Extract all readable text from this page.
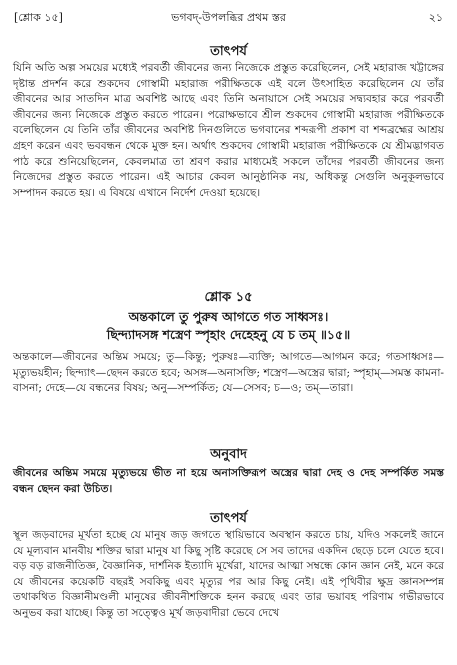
[শ্লোক ১৫]	ভগবদ্-উপলব্ধির প্রথম স্তর	২১
তাৎপর্য
যিনি অতি অল্প সময়ের মধ্যেই পরবর্তী জীবনের জন্য নিজেকে প্রস্তুত করেছিলেন, সেই মহারাজ খট্টাঙ্গের দৃষ্টান্ত প্রদর্শন করে শুকদেব গোস্বামী মহারাজ পরীক্ষিতকে এই বলে উৎসাহিত করেছিলেন যে তাঁর জীবনের আর সাতদিন মাত্র অবশিষ্ট আছে এবং তিনি অনায়াসে সেই সময়ের সদ্ব্যবহার করে পরবর্তী জীবনের জন্য নিজেকে প্রস্তুত করতে পারেন। পরোক্ষভাবে শ্রীল শুকদেব গোস্বামী মহারাজ পরীক্ষিতকে বলেছিলেন যে তিনি তাঁর জীবনের অবশিষ্ট দিনগুলিতে ভগবানের শব্দরূপী প্রকাশ বা শব্দব্রহ্মের আশ্রয় গ্রহণ করেন এবং ভববন্ধন থেকে মুক্ত হন। অর্থাৎ শুকদেব গোস্বামী মহারাজ পরীক্ষিতকে যে শ্রীমদ্ভাগবত পাঠ করে শুনিয়েছিলেন, কেবলমাত্র তা শ্রবণ করার মাধ্যমেই সকলে তাঁদের পরবর্তী জীবনের জন্য নিজেদের প্রস্তুত করতে পারেন। এই আচার কেবল আনুষ্ঠানিক নয়, অধিকন্তু সেগুলি অনুকূলভাবে সম্পাদন করতে হয়। এ বিষয়ে এখানে নির্দেশ দেওয়া হয়েছে।
শ্লোক ১৫
অন্তকালে তু পুরুষ আগতে গত সাধ্বসঃ।
ছিন্দ্যাদসঙ্গ শস্ত্রেণ স্পৃহাং দেহেহনু যে চ তম্ ॥১৫॥
অন্তকালে—জীবনের অন্তিম সময়ে; তু—কিন্তু; পুরুষঃ—ব্যক্তি; আগতে—আগমন করে; গতসাধ্বসঃ—মৃত্যুভয়হীন; ছিন্দ্যাৎ—ছেদন করতে হবে; অসঙ্গ—অনাসক্তি; শস্ত্রেণ—অস্ত্রের দ্বারা; স্পৃহাম্—সমস্ত কামনা-বাসনা; দেহে—যে বন্ধনের বিষয়; অনু—সম্পর্কিত; যে—সেসব; চ—ও; তম্—তারা।
অনুবাদ
জীবনের অন্তিম সময়ে মৃত্যুভয়ে ভীত না হয়ে অনাসক্তিরূপ অস্ত্রের দ্বারা দেহ ও দেহ সম্পর্কিত সমস্ত বন্ধন ছেদন করা উচিত।
তাৎপর্য
স্থূল জড়বাদের মূর্খতা হচ্ছে যে মানুষ জড় জগতে স্থায়িভাবে অবস্থান করতে চায়, যদিও সকলেই জানে যে মূল্যবান মানবীয় শক্তির দ্বারা মানুষ যা কিছু সৃষ্টি করেছে সে সব তাদের একদিন ছেড়ে চলে যেতে হবে। বড় বড় রাজনীতিজ্ঞ, বৈজ্ঞানিক, দার্শনিক ইত্যাদি মূর্খেরা, যাদের আত্মা সম্বন্ধে কোন জ্ঞান নেই, মনে করে যে জীবনের কয়েকটি বছরই সবকিছু এবং মৃত্যুর পর আর কিছু নেই। এই পৃথিবীর ক্ষুদ্র জ্ঞানসম্পন্ন তথাকথিত বিজ্ঞানীমণ্ডলী মানুষের জীবনীশক্তিকে হনন করছে এবং তার ভয়াবহ পরিণাম গভীরভাবে অনুভব করা যাচ্ছে। কিন্তু তা সত্ত্বেও মূর্খ জড়বাদীরা ভেবে দেখে
